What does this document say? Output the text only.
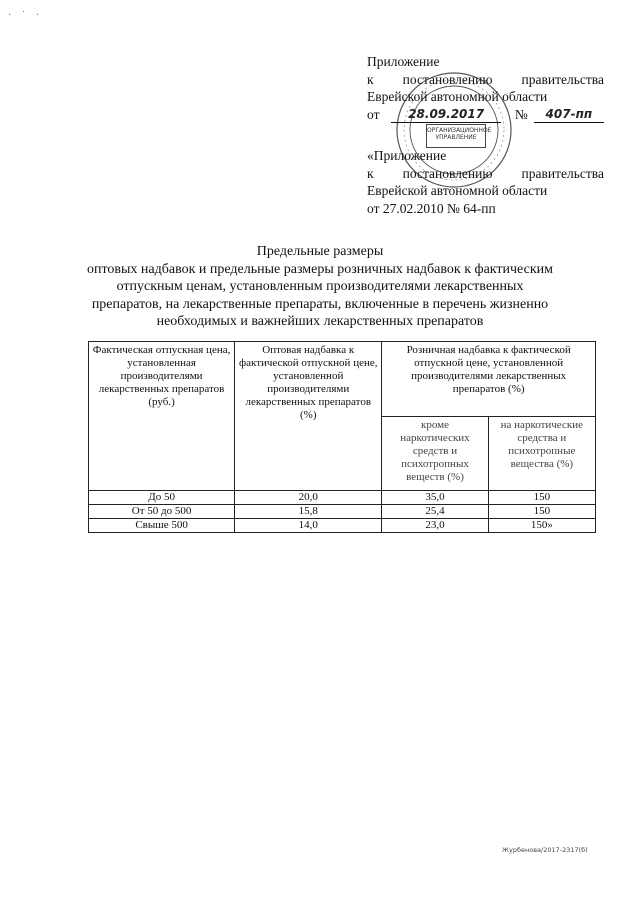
· ˙ ·
ОРГАНИЗАЦИОННОЕ
УПРАВЛЕНИЕ
Приложение
к постановлению правительства
Еврейской автономной области
от	28.09.2017	№	407-пп
«Приложение
к постановлению правительства
Еврейской автономной области
от 27.02.2010 № 64-пп
Предельные размеры
оптовых надбавок и предельные размеры розничных надбавок к фактическим
отпускным ценам, установленным производителями лекарственных
препаратов, на лекарственные препараты, включенные в перечень жизненно
необходимых и важнейших лекарственных препаратов
Фактическая отпускная цена, установленная производителями лекарственных препаратов (руб.)	Оптовая надбавка к фактической отпускной цене, установленной производителями лекарственных препаратов (%)	Розничная надбавка к фактической отпускной цене, установленной производителями лекарственных препаратов (%)	
		кроме наркотических средств и психотропных веществ (%)	на наркотические средства и психотропные вещества (%)
До 50	20,0	35,0	150
От 50 до 500	15,8	25,4	150
Свыше 500	14,0	23,0	150»
Журбенова/2017-2317(б)
